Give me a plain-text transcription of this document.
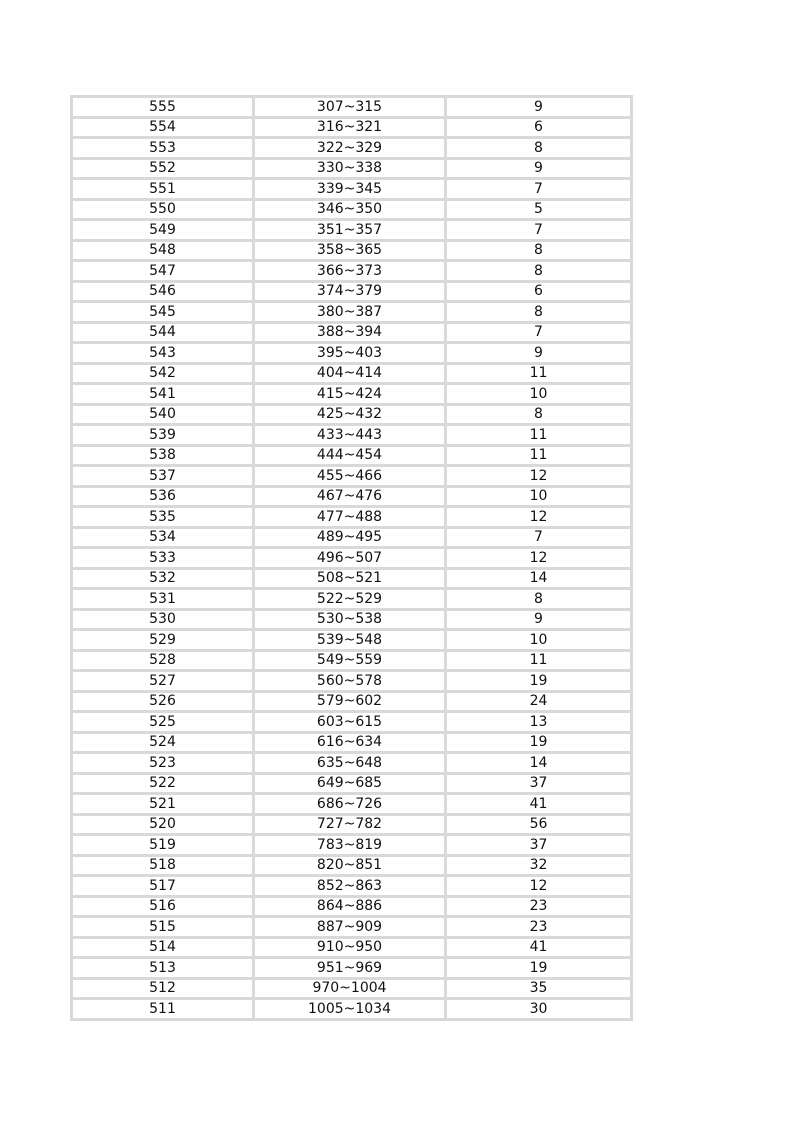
555	307~315	9
554	316~321	6
553	322~329	8
552	330~338	9
551	339~345	7
550	346~350	5
549	351~357	7
548	358~365	8
547	366~373	8
546	374~379	6
545	380~387	8
544	388~394	7
543	395~403	9
542	404~414	11
541	415~424	10
540	425~432	8
539	433~443	11
538	444~454	11
537	455~466	12
536	467~476	10
535	477~488	12
534	489~495	7
533	496~507	12
532	508~521	14
531	522~529	8
530	530~538	9
529	539~548	10
528	549~559	11
527	560~578	19
526	579~602	24
525	603~615	13
524	616~634	19
523	635~648	14
522	649~685	37
521	686~726	41
520	727~782	56
519	783~819	37
518	820~851	32
517	852~863	12
516	864~886	23
515	887~909	23
514	910~950	41
513	951~969	19
512	970~1004	35
511	1005~1034	30
